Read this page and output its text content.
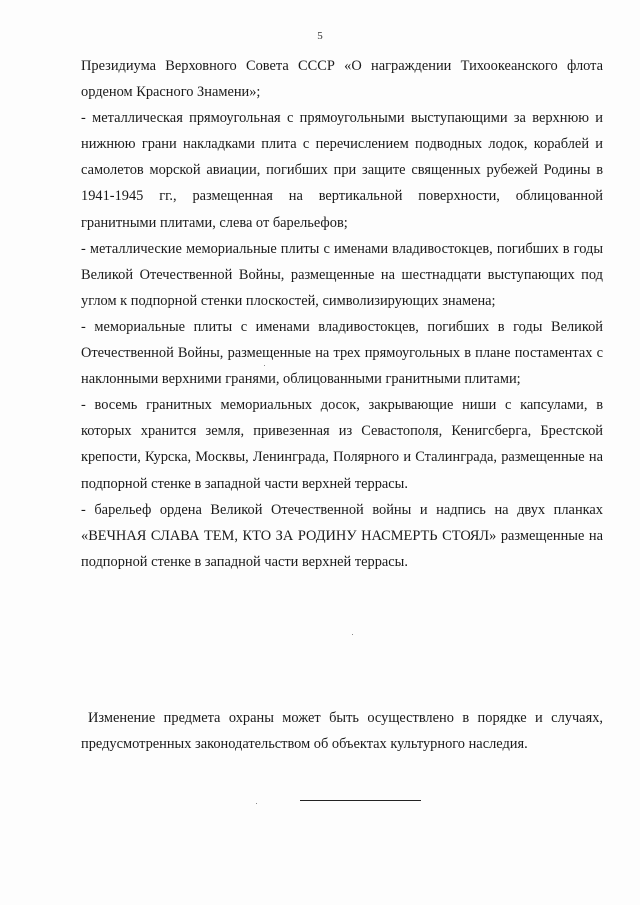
5

Президиума Верховного Совета СССР «О награждении Тихоокеанского флота орденом Красного Знамени»;

- металлическая прямоугольная с прямоугольными выступающими за верхнюю и нижнюю грани накладками плита с перечислением подводных лодок, кораблей и самолетов морской авиации, погибших при защите священных рубежей Родины в 1941-1945 гг., размещенная на вертикальной поверхности, облицованной гранитными плитами, слева от барельефов;

- металлические мемориальные плиты с именами владивостокцев, погибших в годы Великой Отечественной Войны, размещенные на шестнадцати выступающих под углом к подпорной стенки плоскостей, символизирующих знамена;

- мемориальные плиты с именами владивостокцев, погибших в годы Великой Отечественной Войны, размещенные на трех прямоугольных в плане постаментах с наклонными верхними гранями, облицованными гранитными плитами;

- восемь гранитных мемориальных досок, закрывающие ниши с капсулами, в которых хранится земля, привезенная из Севастополя, Кенигсберга, Брестской крепости, Курска, Москвы, Ленинграда, Полярного и Сталинграда, размещенные на подпорной стенке в западной части верхней террасы.

- барельеф ордена Великой Отечественной войны и надпись на двух планках «ВЕЧНАЯ СЛАВА ТЕМ, КТО ЗА РОДИНУ НАСМЕРТЬ СТОЯЛ» размещенные на подпорной стенке в западной части верхней террасы.

Изменение предмета охраны может быть осуществлено в порядке и случаях, предусмотренных законодательством об объектах культурного наследия.
